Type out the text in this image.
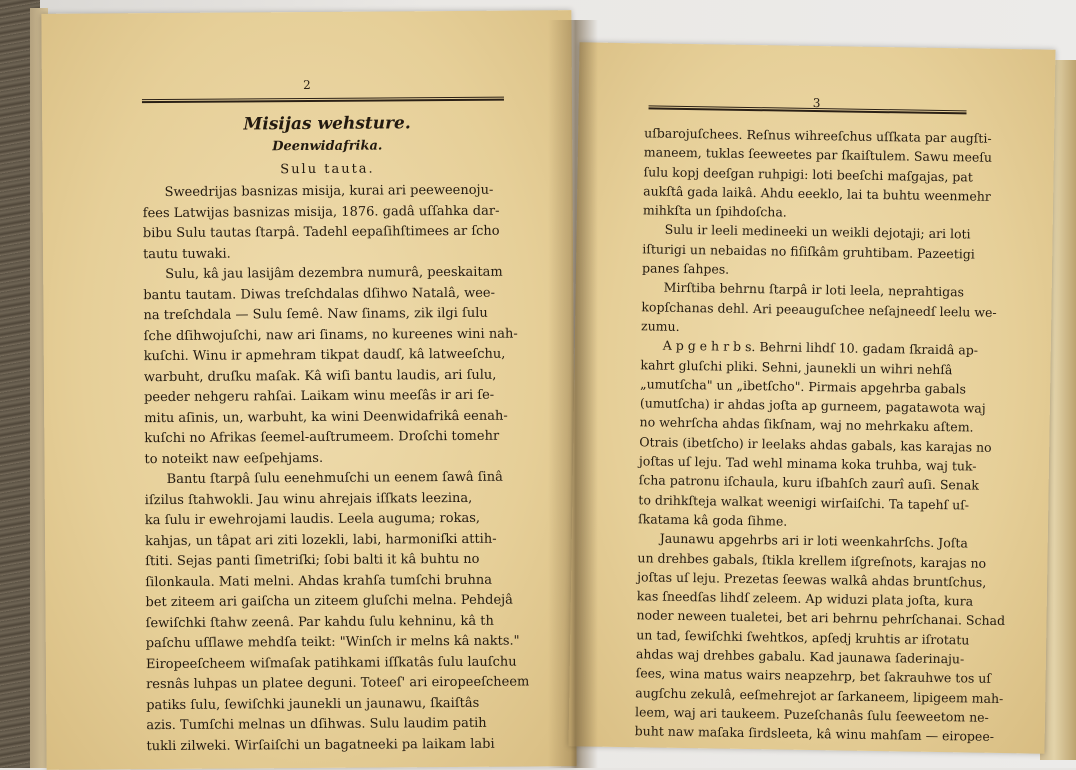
2
Misijas wehsture.
Deenwidafrika.
Sulu tauta.
Sweedrijas basnizas misija, kurai ari peeweenoju-
fees Latwijas basnizas misija, 1876. gadâ uſſahka dar-
bibu Sulu tautas ſtarpâ. Tadehl eepaſihſtimees ar ſcho
tautu tuwaki.
Sulu, kâ jau lasijâm dezembra numurâ, peeskaitam
bantu tautam. Diwas treſchdalas dſihwo Natalâ, wee-
na treſchdala — Sulu ſemê. Naw ſinams, zik ilgi ſulu
ſche dſihwojuſchi, naw ari ſinams, no kureenes wini nah-
kuſchi. Winu ir apmehram tikpat daudſ, kâ latweeſchu,
warbuht, druſku maſak. Kâ wiſi bantu laudis, ari ſulu,
peeder nehgeru rahſai. Laikam winu meeſâs ir ari ſe-
mitu aſinis, un, warbuht, ka wini Deenwidafrikâ eenah-
kuſchi no Afrikas ſeemel-auſtrumeem. Droſchi tomehr
to noteikt naw eeſpehjams.
Bantu ſtarpâ ſulu eenehmuſchi un eenem ſawâ ſinâ
iſzilus ſtahwokli. Jau winu ahrejais iſſkats leezina,
ka ſulu ir ewehrojami laudis. Leela auguma; rokas,
kahjas, un tâpat ari ziti lozekli, labi, harmoniſki attih-
ſtiti. Sejas panti ſimetriſki; ſobi balti it kâ buhtu no
ſilonkaula. Mati melni. Ahdas krahſa tumſchi bruhna
bet ziteem ari gaiſcha un ziteem gluſchi melna. Pehdejâ
ſewiſchki ſtahw zeenâ. Par kahdu ſulu kehninu, kâ th
paſchu uſſlawe mehdſa teikt: "Winſch ir melns kâ nakts."
Eiropeeſcheem wiſmaſak patihkami iſſkatâs ſulu lauſchu
resnâs luhpas un platee deguni. Toteeſ' ari eiropeeſcheem
patiks ſulu, ſewiſchki jaunekli un jaunawu, ſkaiſtâs
azis. Tumſchi melnas un dſihwas. Sulu laudim patih
tukli zilweki. Wirſaiſchi un bagatneeki pa laikam labi
3
uſbarojuſchees. Reſnus wihreeſchus uſſkata par augſti-
maneem, tuklas ſeeweetes par ſkaiſtulem. Sawu meeſu
ſulu kopj deeſgan ruhpigi: loti beeſchi maſgajas, pat
aukſtâ gada laikâ. Ahdu eeeklo, lai ta buhtu weenmehr
mihkſta un ſpihdoſcha.
Sulu ir leeli medineeki un weikli dejotaji; ari loti
iſturigi un nebaidas no fiſiſkâm gruhtibam. Pazeetigi
panes ſahpes.
Mirſtiba behrnu ſtarpâ ir loti leela, neprahtigas
kopſchanas dehl. Ari peeauguſchee neſajneedſ leelu we-
zumu.
A p g e h r b s. Behrni lihdſ 10. gadam ſkraidâ ap-
kahrt gluſchi pliki. Sehni, jaunekli un wihri nehſâ
„umutſcha" un „ibetſcho". Pirmais apgehrba gabals
(umutſcha) ir ahdas joſta ap gurneem, pagatawota waj
no wehrſcha ahdas ſikſnam, waj no mehrkaku aſtem.
Otrais (ibetſcho) ir leelaks ahdas gabals, kas karajas no
joſtas uſ leju. Tad wehl minama koka truhba, waj tuk-
ſcha patronu iſchaula, kuru iſbahſch zaurî auſi. Senak
to drihkſteja walkat weenigi wirſaiſchi. Ta tapehſ uſ-
ſkatama kâ goda ſihme.
Jaunawu apgehrbs ari ir loti weenkahrſchs. Joſta
un drehbes gabals, ſtikla krellem iſgreſnots, karajas no
joſtas uſ leju. Prezetas ſeewas walkâ ahdas bruntſchus,
kas ſneedſas lihdſ zeleem. Ap widuzi plata joſta, kura
noder neween tualetei, bet ari behrnu pehrſchanai. Schad
un tad, ſewiſchki ſwehtkos, apſedj kruhtis ar iſrotatu
ahdas waj drehbes gabalu. Kad jaunawa ſaderinaju-
ſees, wina matus wairs neapzehrp, bet ſakrauhwe tos uſ
augſchu zekulâ, eeſmehrejot ar ſarkaneem, lipigeem mah-
leem, waj ari taukeem. Puzeſchanâs ſulu ſeeweetom ne-
buht naw maſaka ſirdsleeta, kâ winu mahſam — eiropee-
